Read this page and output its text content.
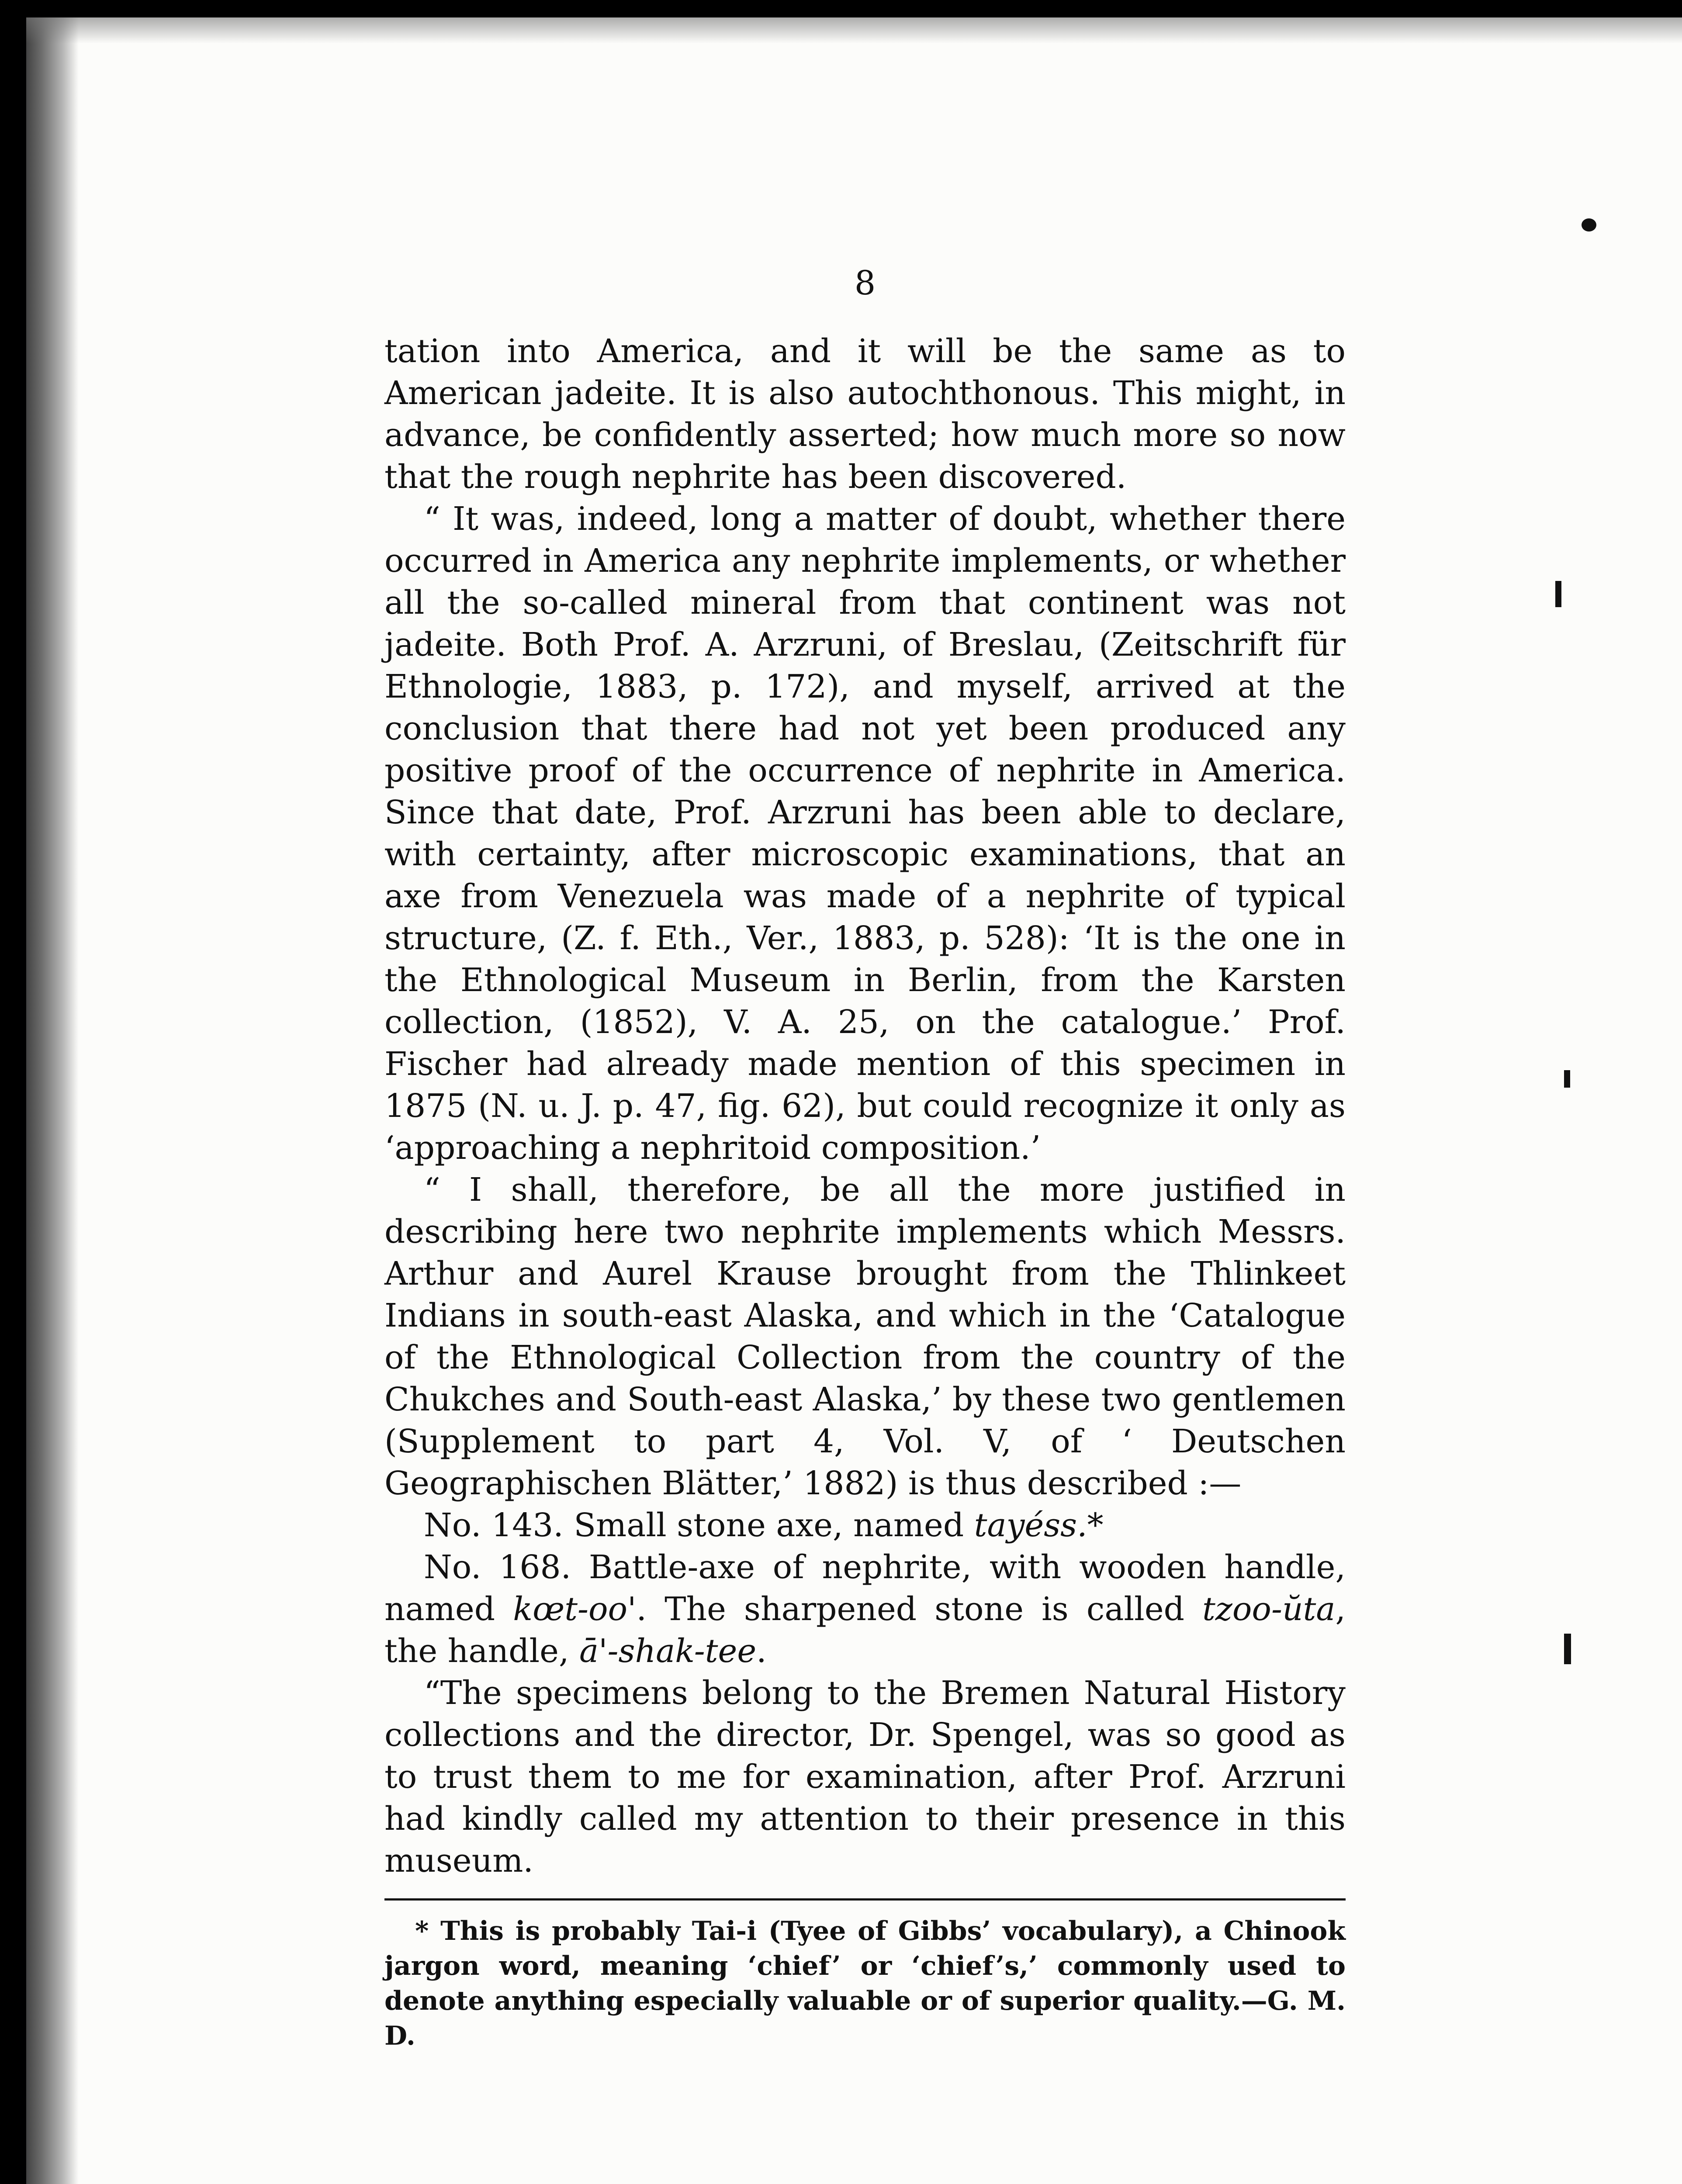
8

tation into America, and it will be the same as to American jadeite. It is also autochthonous. This might, in advance, be confidently asserted; how much more so now that the rough nephrite has been discovered.

“ It was, indeed, long a matter of doubt, whether there occurred in America any nephrite implements, or whether all the so-called mineral from that continent was not jadeite. Both Prof. A. Arzruni, of Breslau, (Zeitschrift für Ethnologie, 1883, p. 172), and myself, arrived at the conclusion that there had not yet been produced any positive proof of the occurrence of nephrite in America. Since that date, Prof. Arzruni has been able to declare, with certainty, after microscopic examinations, that an axe from Venezuela was made of a nephrite of typical structure, (Z. f. Eth., Ver., 1883, p. 528): ‘It is the one in the Ethnological Museum in Berlin, from the Karsten collection, (1852), V. A. 25, on the catalogue.’ Prof. Fischer had already made mention of this specimen in 1875 (N. u. J. p. 47, fig. 62), but could recognize it only as ‘approaching a nephritoid composition.’

“ I shall, therefore, be all the more justified in describing here two nephrite implements which Messrs. Arthur and Aurel Krause brought from the Thlinkeet Indians in south-east Alaska, and which in the ‘Catalogue of the Ethnological Collection from the country of the Chukches and South-east Alaska,’ by these two gentlemen (Supplement to part 4, Vol. V, of ‘ Deutschen Geographischen Blätter,’ 1882) is thus described :—

No. 143. Small stone axe, named tayéss.*

No. 168. Battle-axe of nephrite, with wooden handle, named kœt-oo'. The sharpened stone is called tzoo-ŭta, the handle, ā'-shak-tee.

“The specimens belong to the Bremen Natural History collections and the director, Dr. Spengel, was so good as to trust them to me for examination, after Prof. Arzruni had kindly called my attention to their presence in this museum.

* This is probably Tai-i (Tyee of Gibbs’ vocabulary), a Chinook jargon word, meaning ‘chief’ or ‘chief’s,’ commonly used to denote anything especially valuable or of superior quality.—G. M. D.
